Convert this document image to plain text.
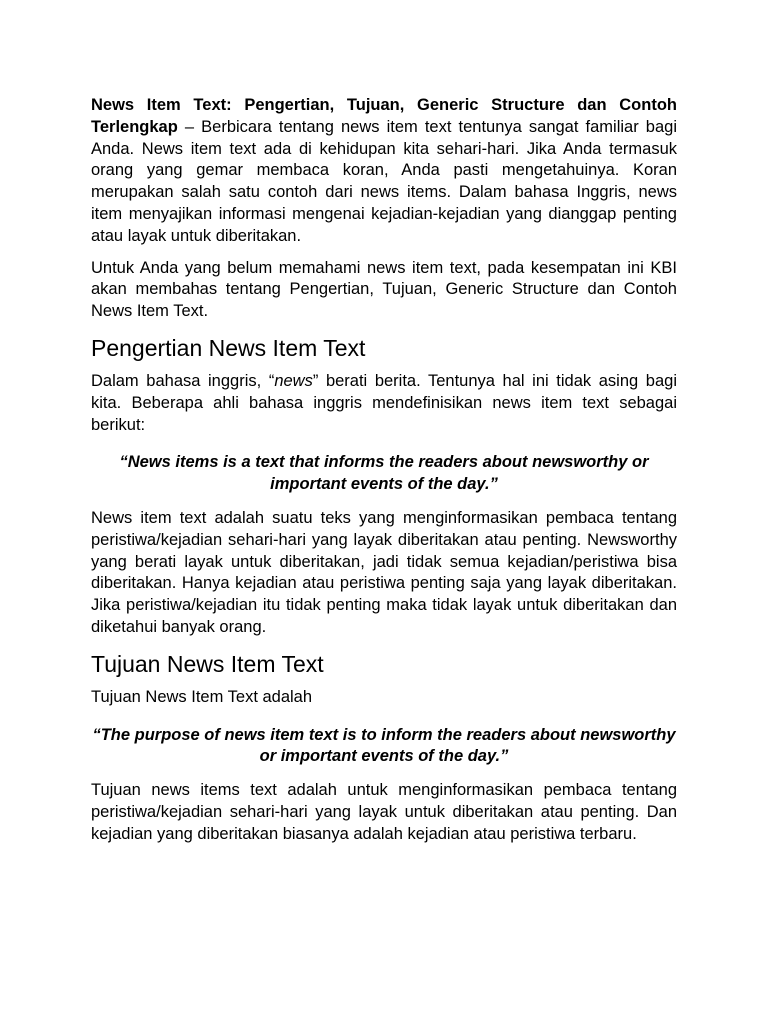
News Item Text: Pengertian, Tujuan, Generic Structure dan Contoh Terlengkap – Berbicara tentang news item text tentunya sangat familiar bagi Anda. News item text ada di kehidupan kita sehari-hari. Jika Anda termasuk orang yang gemar membaca koran, Anda pasti mengetahuinya. Koran merupakan salah satu contoh dari news items. Dalam bahasa Inggris, news item menyajikan informasi mengenai kejadian-kejadian yang dianggap penting atau layak untuk diberitakan.

Untuk Anda yang belum memahami news item text, pada kesempatan ini KBI akan membahas tentang Pengertian, Tujuan, Generic Structure dan Contoh News Item Text.

Pengertian News Item Text

Dalam bahasa inggris, “news” berati berita. Tentunya hal ini tidak asing bagi kita. Beberapa ahli bahasa inggris mendefinisikan news item text sebagai berikut:

“News items is a text that informs the readers about newsworthy or important events of the day.”

News item text adalah suatu teks yang menginformasikan pembaca tentang peristiwa/kejadian sehari-hari yang layak diberitakan atau penting. Newsworthy yang berati layak untuk diberitakan, jadi tidak semua kejadian/peristiwa bisa diberitakan. Hanya kejadian atau peristiwa penting saja yang layak diberitakan. Jika peristiwa/kejadian itu tidak penting maka tidak layak untuk diberitakan dan diketahui banyak orang.

Tujuan News Item Text

Tujuan News Item Text adalah

“The purpose of news item text is to inform the readers about newsworthy or important events of the day.”

Tujuan news items text adalah untuk menginformasikan pembaca tentang peristiwa/kejadian sehari-hari yang layak untuk diberitakan atau penting. Dan kejadian yang diberitakan biasanya adalah kejadian atau peristiwa terbaru.
